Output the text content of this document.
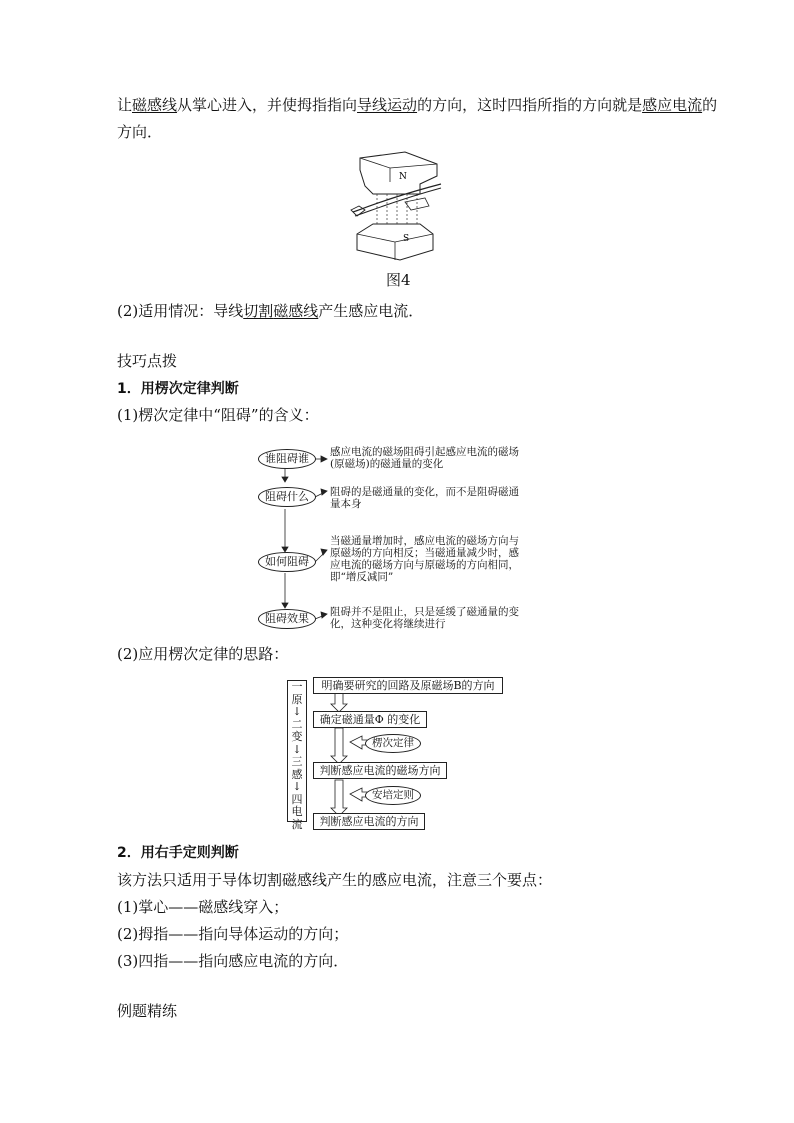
让磁感线从掌心进入，并使拇指指向导线运动的方向，这时四指所指的方向就是感应电流的
方向．
N
S
图4
(2)适用情况：导线切割磁感线产生感应电流．
技巧点拨
1．用楞次定律判断
(1)楞次定律中“阻碍”的含义：
谁阻碍谁
阻碍什么
如何阻碍
阻碍效果
感应电流的磁场阻碍引起感应电流的磁场
(原磁场)的磁通量的变化
阻碍的是磁通量的变化，而不是阻碍磁通
量本身
当磁通量增加时，感应电流的磁场方向与
原磁场的方向相反；当磁通量减少时，感
应电流的磁场方向与原磁场的方向相同，
即“增反减同”
阻碍并不是阻止，只是延缓了磁通量的变
化，这种变化将继续进行
(2)应用楞次定律的思路：
一
原
↓
二
变
↓
三
感
↓
四
电
流
明确要研究的回路及原磁场B的方向
确定磁通量Φ 的变化
楞次定律
判断感应电流的磁场方向
安培定则
判断感应电流的方向
2．用右手定则判断
该方法只适用于导体切割磁感线产生的感应电流，注意三个要点：
(1)掌心——磁感线穿入；
(2)拇指——指向导体运动的方向；
(3)四指——指向感应电流的方向．
例题精练
